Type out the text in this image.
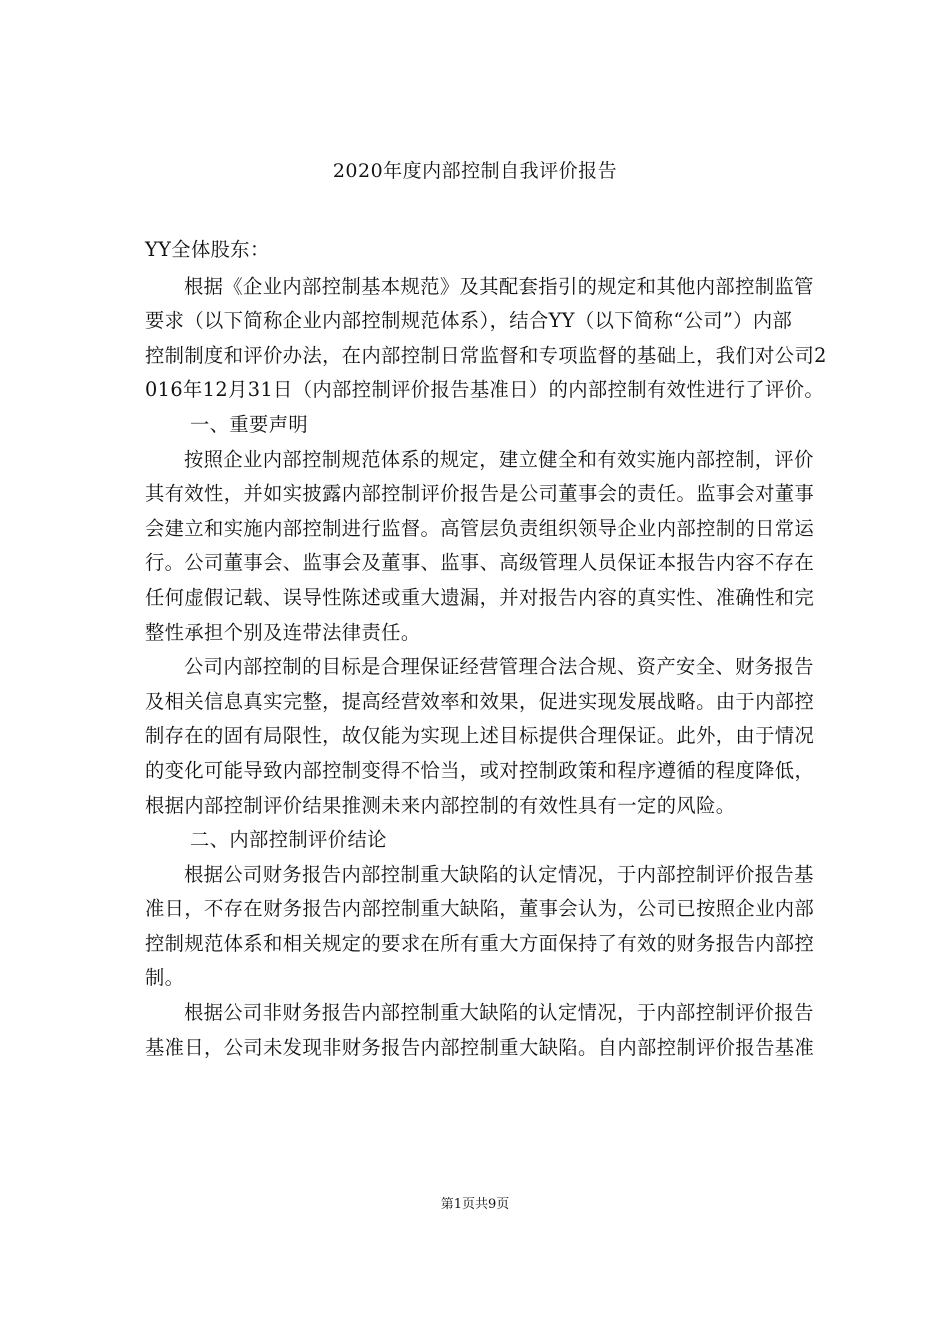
2020年度内部控制自我评价报告
YY全体股东：
根据《企业内部控制基本规范》及其配套指引的规定和其他内部控制监管
要求（以下简称企业内部控制规范体系），结合YY（以下简称“公司”）内部
控制制度和评价办法，在内部控制日常监督和专项监督的基础上，我们对公司2
016年12月31日（内部控制评价报告基准日）的内部控制有效性进行了评价。
一、重要声明
按照企业内部控制规范体系的规定，建立健全和有效实施内部控制，评价
其有效性，并如实披露内部控制评价报告是公司董事会的责任。监事会对董事
会建立和实施内部控制进行监督。高管层负责组织领导企业内部控制的日常运
行。公司董事会、监事会及董事、监事、高级管理人员保证本报告内容不存在
任何虚假记载、误导性陈述或重大遗漏，并对报告内容的真实性、准确性和完
整性承担个别及连带法律责任。
公司内部控制的目标是合理保证经营管理合法合规、资产安全、财务报告
及相关信息真实完整，提高经营效率和效果，促进实现发展战略。由于内部控
制存在的固有局限性，故仅能为实现上述目标提供合理保证。此外，由于情况
的变化可能导致内部控制变得不恰当，或对控制政策和程序遵循的程度降低，
根据内部控制评价结果推测未来内部控制的有效性具有一定的风险。
二、内部控制评价结论
根据公司财务报告内部控制重大缺陷的认定情况，于内部控制评价报告基
准日，不存在财务报告内部控制重大缺陷，董事会认为，公司已按照企业内部
控制规范体系和相关规定的要求在所有重大方面保持了有效的财务报告内部控
制。
根据公司非财务报告内部控制重大缺陷的认定情况，于内部控制评价报告
基准日，公司未发现非财务报告内部控制重大缺陷。自内部控制评价报告基准
第1页共9页
